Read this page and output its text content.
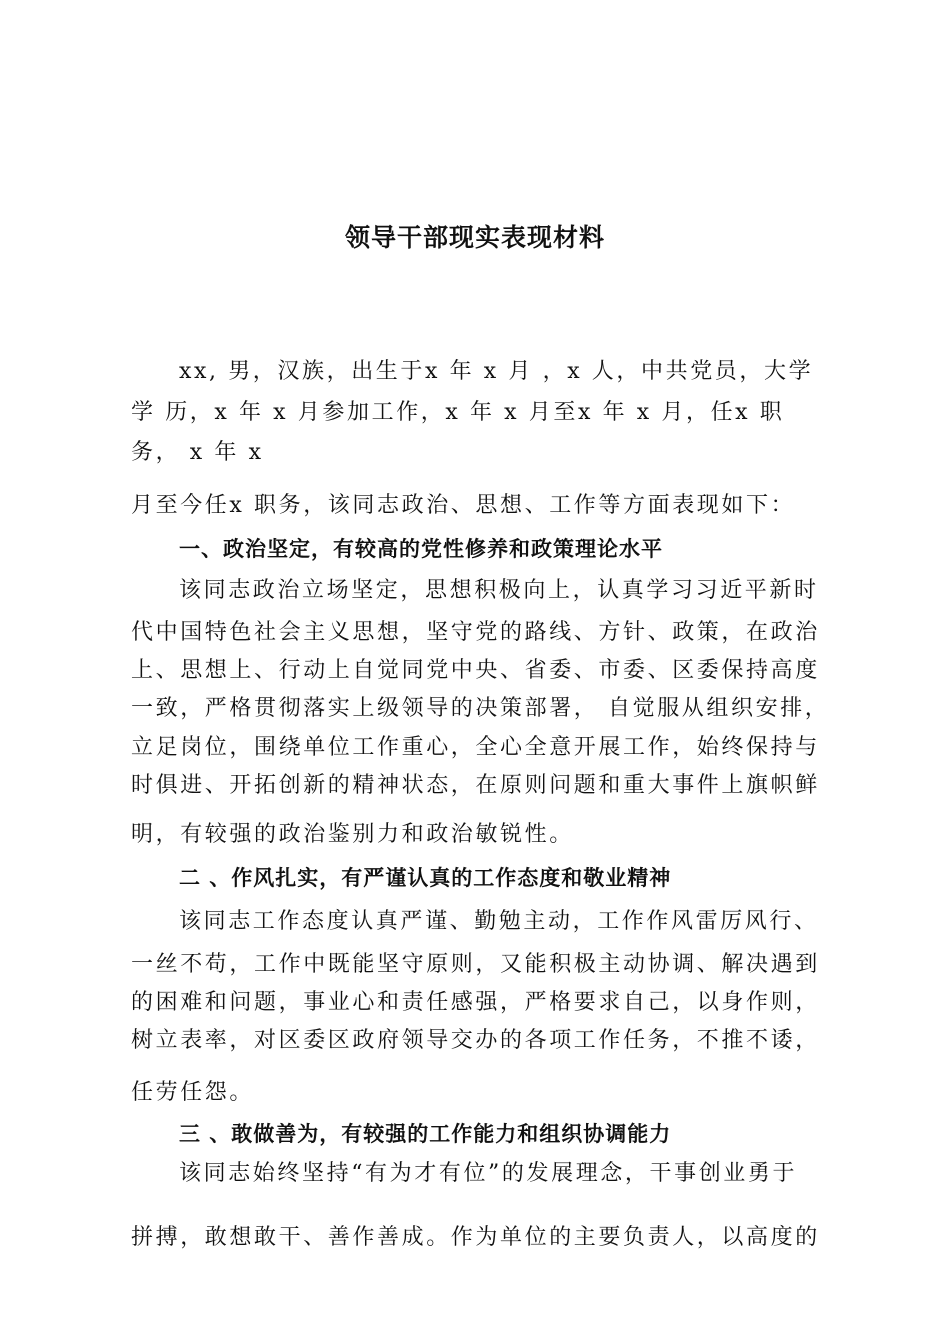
领导干部现实表现材料
xx, 男，汉族，出生于x 年 x 月 ，x 人，中共党员，大学
学 历，x 年 x 月参加工作，x 年 x 月至x 年 x 月，任x 职
务， x 年 x
月至今任x 职务，该同志政治、思想、工作等方面表现如下：
一、政治坚定，有较高的党性修养和政策理论水平
该同志政治立场坚定，思想积极向上，认真学习习近平新时
代中国特色社会主义思想，坚守党的路线、方针、政策，在政治
上、思想上、行动上自觉同党中央、省委、市委、区委保持高度
一致，严格贯彻落实上级领导的决策部署， 自觉服从组织安排，
立足岗位，围绕单位工作重心，全心全意开展工作，始终保持与
时俱进、开拓创新的精神状态，在原则问题和重大事件上旗帜鲜
明，有较强的政治鉴别力和政治敏锐性。
二 、作风扎实，有严谨认真的工作态度和敬业精神
该同志工作态度认真严谨、勤勉主动，工作作风雷厉风行、
一丝不苟，工作中既能坚守原则，又能积极主动协调、解决遇到
的困难和问题，事业心和责任感强，严格要求自己，以身作则，
树立表率，对区委区政府领导交办的各项工作任务，不推不诿，
任劳任怨。
三 、敢做善为，有较强的工作能力和组织协调能力
该同志始终坚持“有为才有位”的发展理念，干事创业勇于
拼搏，敢想敢干、善作善成。作为单位的主要负责人，以高度的
